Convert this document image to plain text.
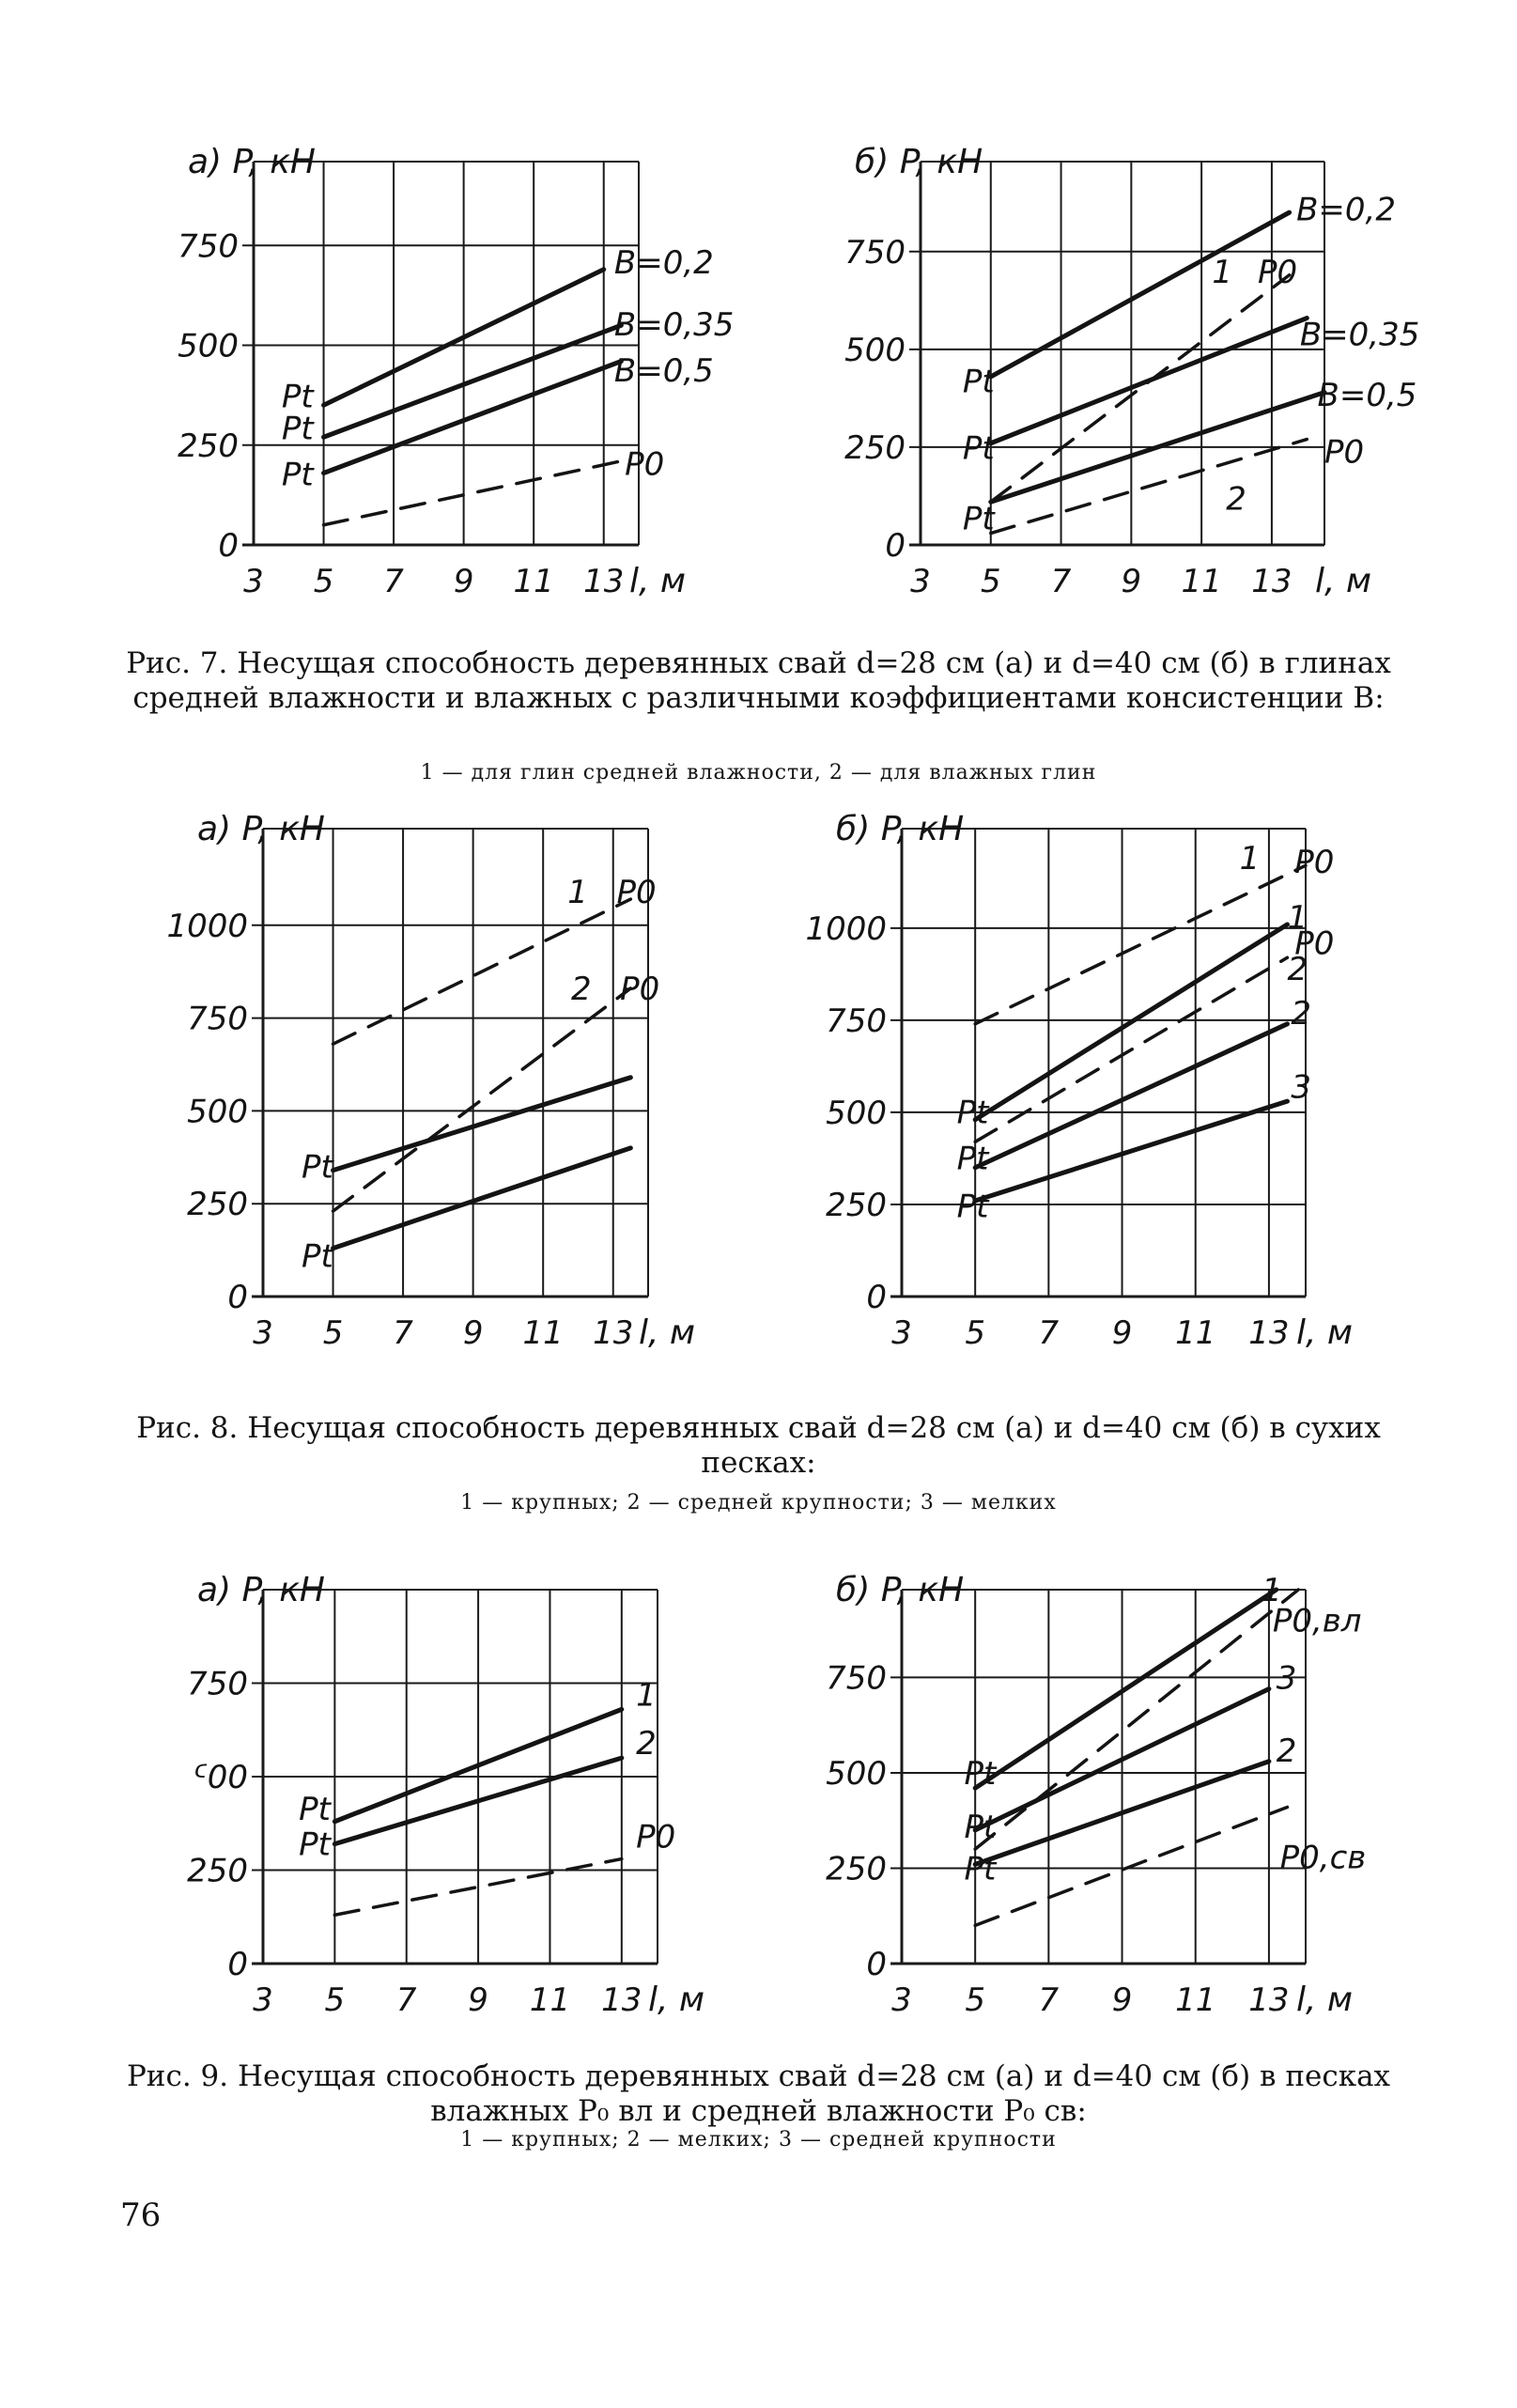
3 5 7 9 11 13
0
250
500
750
а) P, кН
l, м
B=0,2
B=0,35
B=0,5
P0
Pt
Pt
Pt
3 5 7 9 11 13
0
250
500
750
б) P, кН
l, м
B=0,2
1 P0
B=0,35
B=0,5
P0
2
Pt
Pt
Pt

Рис. 7. Несущая способность деревянных свай d=28 см (а) и d=40 см (б) в глинах средней влажности и влажных с различными коэффициентами консистенции B:

1 — для глин средней влажности, 2 — для влажных глин

3 5 7 9 11 13
0
250
500
750
1000
а) P, кН
l, м
1 P0
2 P0
Pt
Pt
3 5 7 9 11 13
0
250
500
750
1000
б) P, кН
l, м
1 P0
1
P0
2
2
3
Pt
Pt
Pt

Рис. 8. Несущая способность деревянных свай d=28 см (а) и d=40 см (б) в сухих песках:

1 — крупных; 2 — средней крупности; 3 — мелких

3 5 7 9 11 13
0
250
ᑦ00
750
а) P, кН
l, м
1
2
P0
Pt
Pt
3 5 7 9 11 13
0
250
500
750
б) P, кН
l, м
1
P0,вл
3
2
P0,св
Pt
Pt
Pt

Рис. 9. Несущая способность деревянных свай d=28 см (а) и d=40 см (б) в песках влажных P₀ вл и средней влажности P₀ св:

1 — крупных; 2 — мелких; 3 — средней крупности

76
